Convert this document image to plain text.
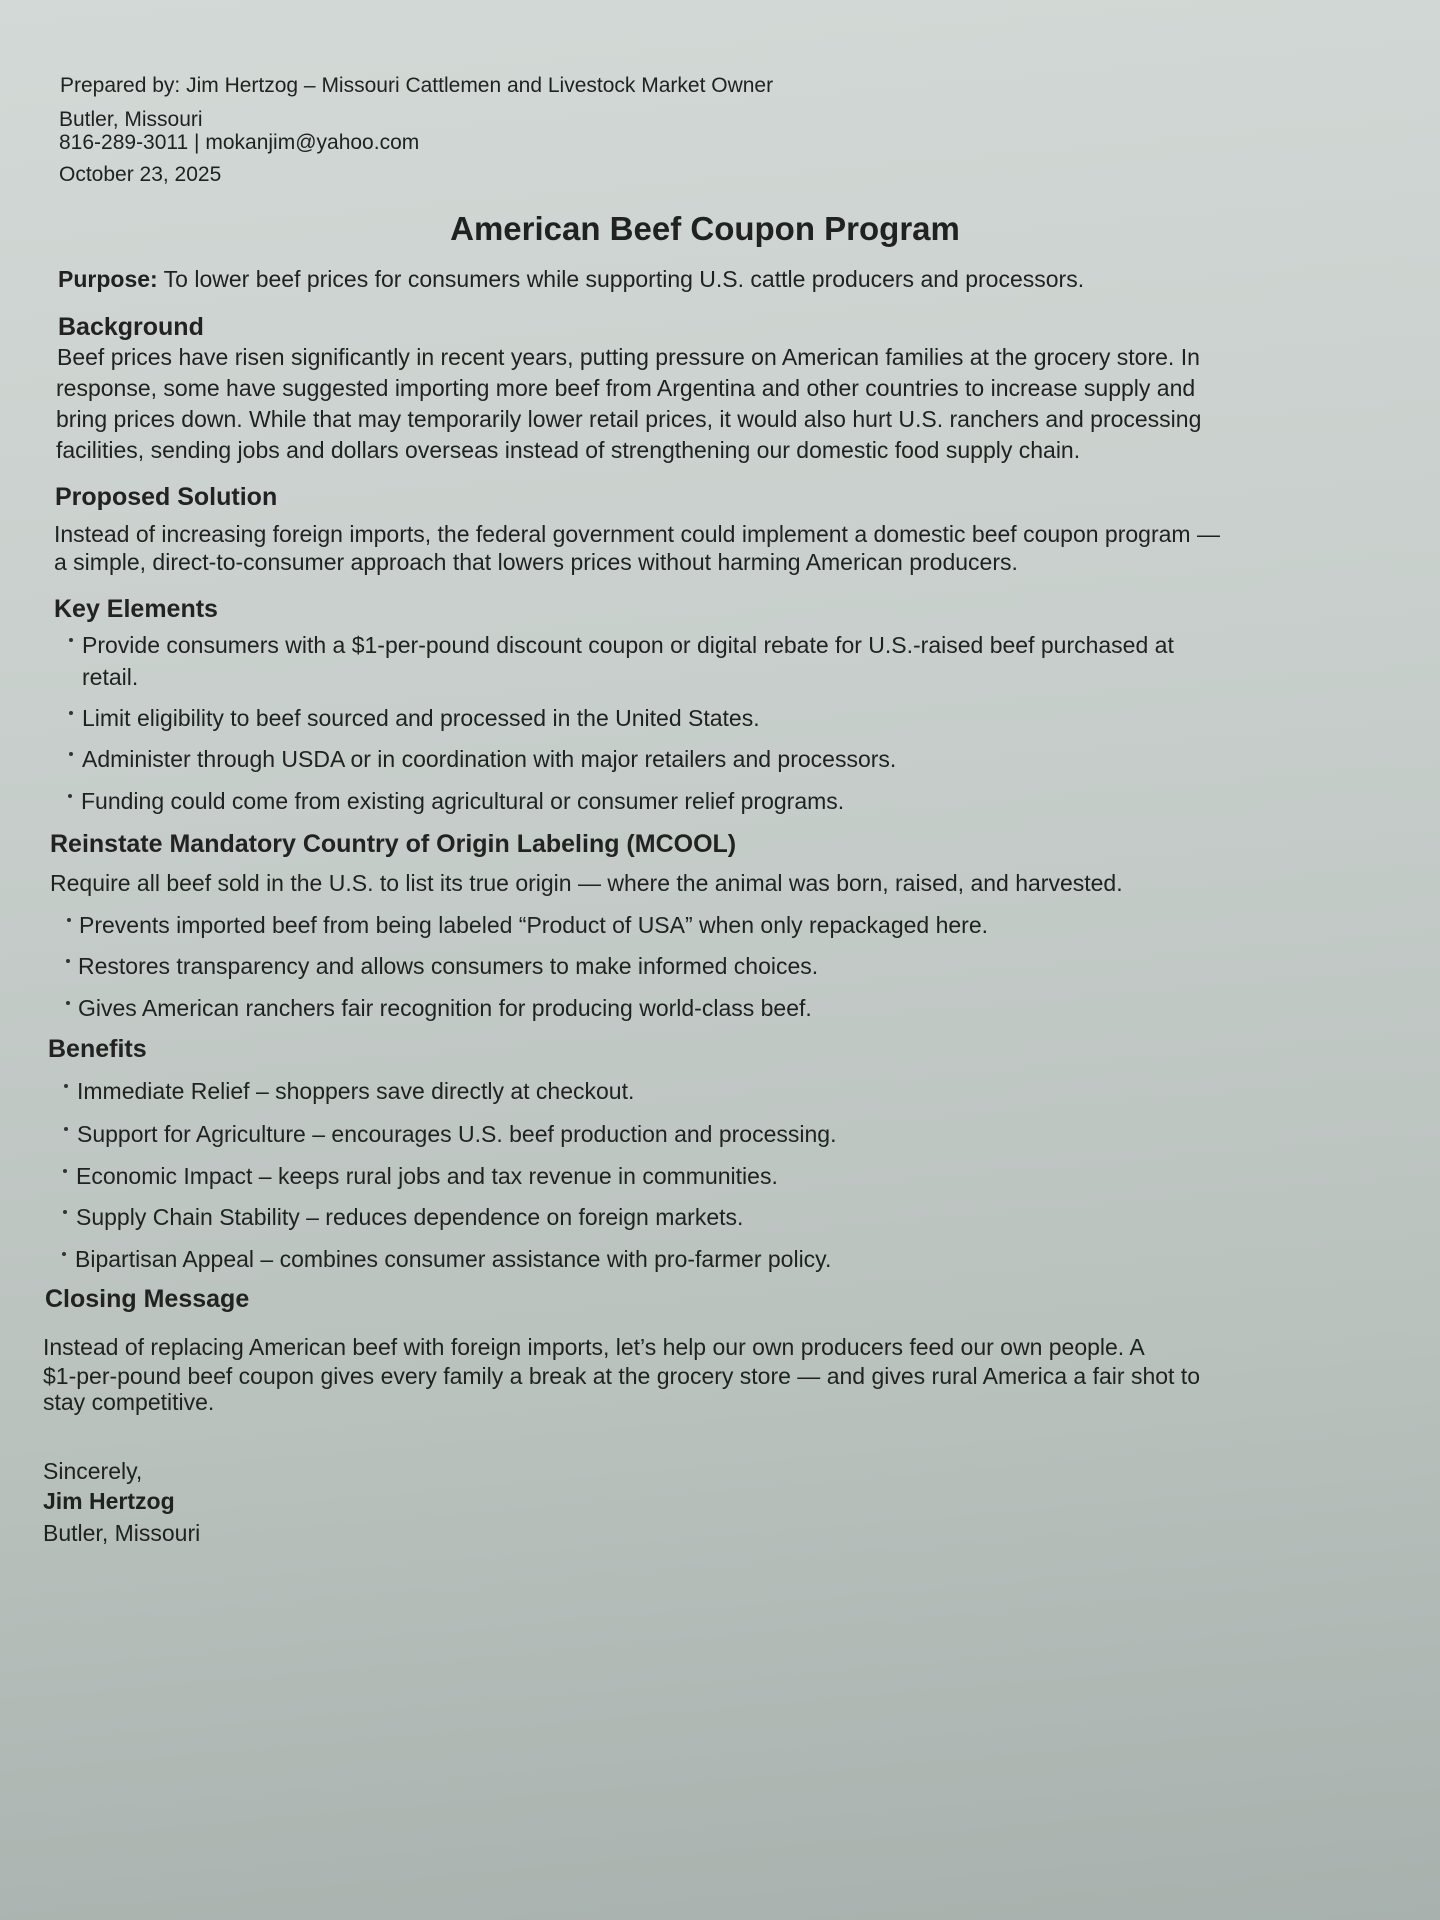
Prepared by: Jim Hertzog – Missouri Cattlemen and Livestock Market Owner
Butler, Missouri
816-289-3011 | mokanjim@yahoo.com
October 23, 2025
American Beef Coupon Program
Purpose: To lower beef prices for consumers while supporting U.S. cattle producers and processors.
Background
Beef prices have risen significantly in recent years, putting pressure on American families at the grocery store. In
response, some have suggested importing more beef from Argentina and other countries to increase supply and
bring prices down. While that may temporarily lower retail prices, it would also hurt U.S. ranchers and processing
facilities, sending jobs and dollars overseas instead of strengthening our domestic food supply chain.
Proposed Solution
Instead of increasing foreign imports, the federal government could implement a domestic beef coupon program —
a simple, direct-to-consumer approach that lowers prices without harming American producers.
Key Elements
Provide consumers with a $1-per-pound discount coupon or digital rebate for U.S.-raised beef purchased at
retail.
Limit eligibility to beef sourced and processed in the United States.
Administer through USDA or in coordination with major retailers and processors.
Funding could come from existing agricultural or consumer relief programs.
Reinstate Mandatory Country of Origin Labeling (MCOOL)
Require all beef sold in the U.S. to list its true origin — where the animal was born, raised, and harvested.
Prevents imported beef from being labeled “Product of USA” when only repackaged here.
Restores transparency and allows consumers to make informed choices.
Gives American ranchers fair recognition for producing world-class beef.
Benefits
Immediate Relief – shoppers save directly at checkout.
Support for Agriculture – encourages U.S. beef production and processing.
Economic Impact – keeps rural jobs and tax revenue in communities.
Supply Chain Stability – reduces dependence on foreign markets.
Bipartisan Appeal – combines consumer assistance with pro-farmer policy.
Closing Message
Instead of replacing American beef with foreign imports, let’s help our own producers feed our own people. A
$1-per-pound beef coupon gives every family a break at the grocery store — and gives rural America a fair shot to
stay competitive.
Sincerely,
Jim Hertzog
Butler, Missouri
